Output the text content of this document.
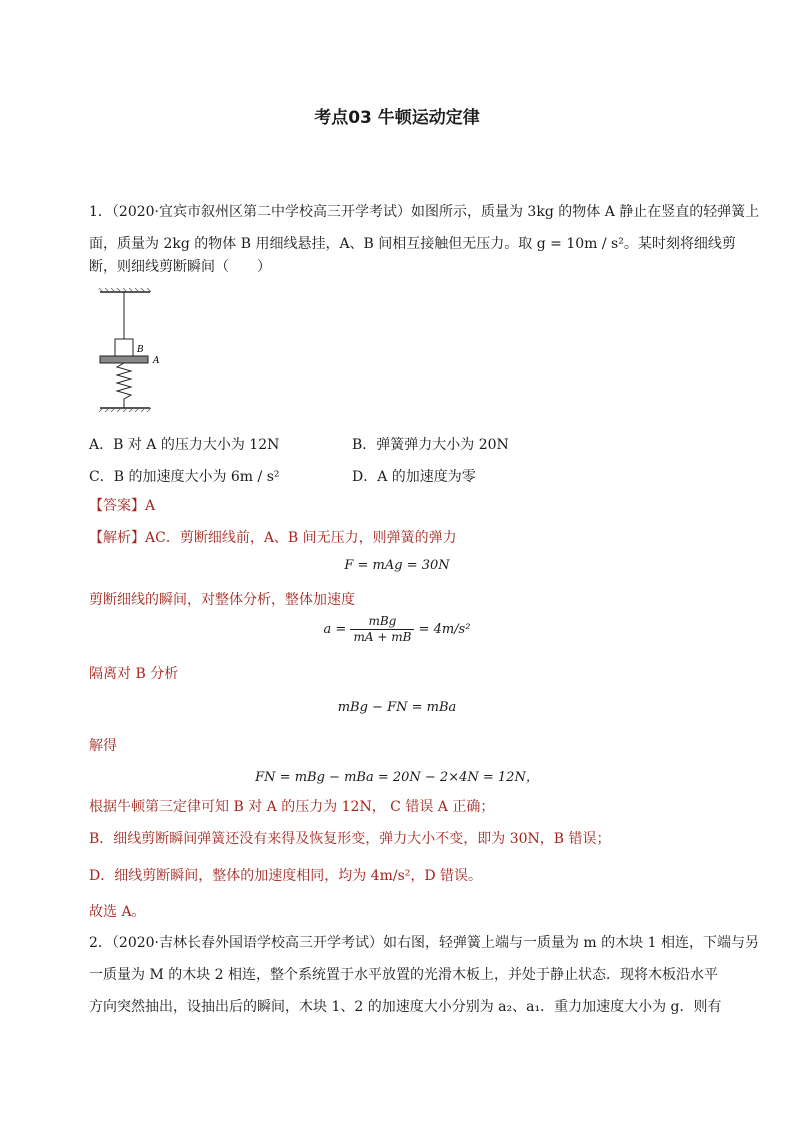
考点03 牛顿运动定律
1．（2020·宜宾市叙州区第二中学校高三开学考试）如图所示，质量为 3kg 的物体 A 静止在竖直的轻弹簧上
面，质量为 2kg 的物体 B 用细线悬挂，A、B 间相互接触但无压力。取 g = 10m / s²。某时刻将细线剪
断，则细线剪断瞬间（　　）
B
A
A．B 对 A 的压力大小为 12N	B．弹簧弹力大小为 20N
C．B 的加速度大小为 6m / s²	D．A 的加速度为零
【答案】A
【解析】AC．剪断细线前，A、B 间无压力，则弹簧的弹力
F = mAg = 30N
剪断细线的瞬间，对整体分析，整体加速度
$a = \frac{\text{mBg}}{mA + mB} = 4m/s^2$
隔离对 B 分析
mBg − FN = mBa
解得
FN = mBg − mBa = 20N − 2×4N = 12N，
根据牛顿第三定律可知 B 对 A 的压力为 12N， C 错误 A 正确；
B．细线剪断瞬间弹簧还没有来得及恢复形变，弹力大小不变，即为 30N，B 错误；
D．细线剪断瞬间，整体的加速度相同，均为 4m/s²，D 错误。
故选 A。
2．（2020·吉林长春外国语学校高三开学考试）如右图，轻弹簧上端与一质量为 m 的木块 1 相连，下端与另
一质量为 M 的木块 2 相连，整个系统置于水平放置的光滑木板上，并处于静止状态．现将木板沿水平
方向突然抽出，设抽出后的瞬间，木块 1、2 的加速度大小分别为 a₂、a₁．重力加速度大小为 g．则有
